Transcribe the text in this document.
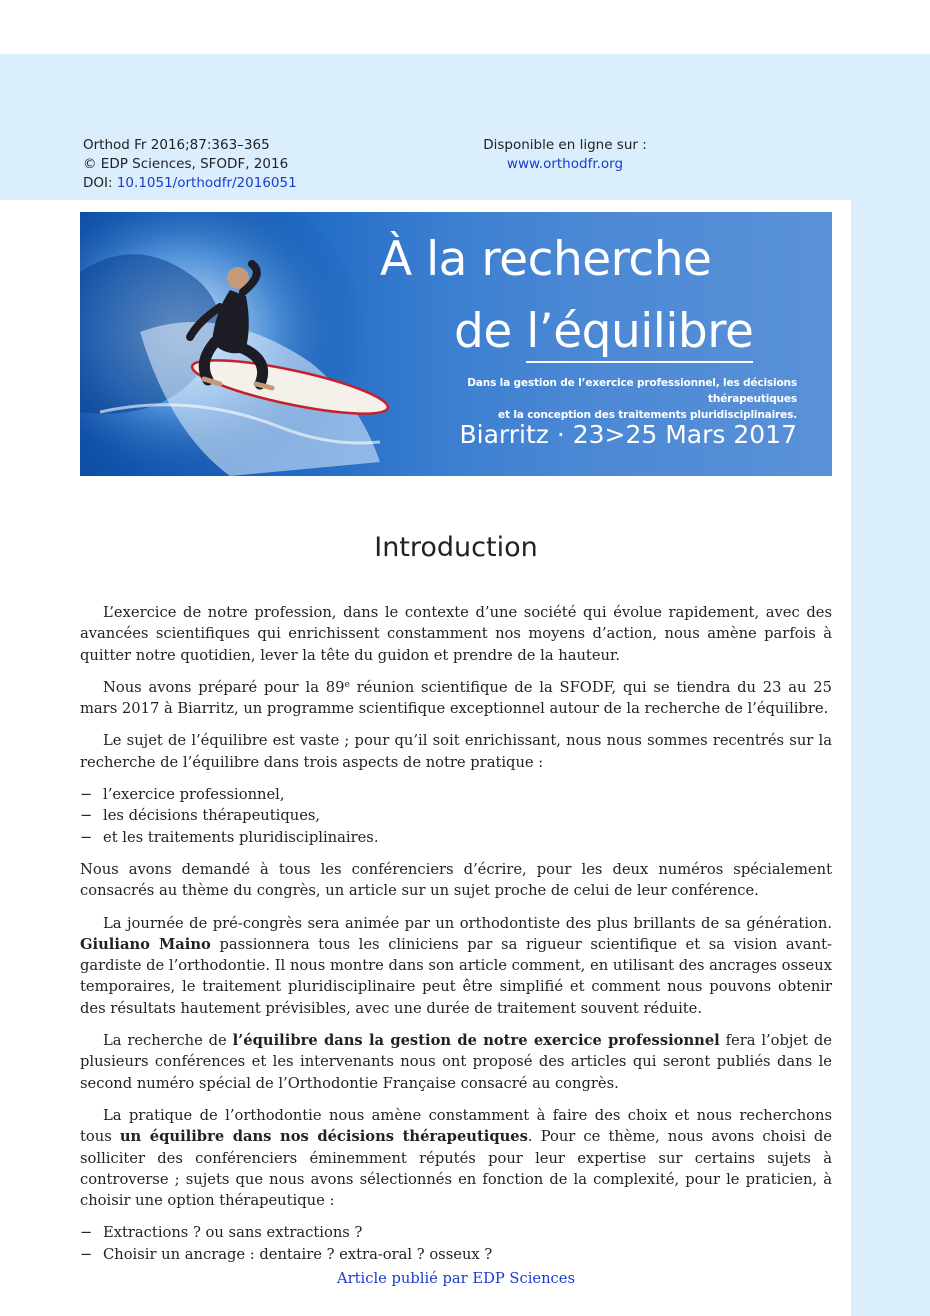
Orthod Fr 2016;87:363–365
© EDP Sciences, SFODF, 2016
DOI: 10.1051/orthodfr/2016051
Disponible en ligne sur :
www.orthodfr.org
À la recherche
de l’équilibre
Dans la gestion de l’exercice professionnel, les décisions thérapeutiques
et la conception des traitements pluridisciplinaires.
Biarritz · 23>25 Mars 2017
Introduction

L’exercice de notre profession, dans le contexte d’une société qui évolue rapidement, avec des avancées scientifiques qui enrichissent constamment nos moyens d’action, nous amène parfois à quitter notre quotidien, lever la tête du guidon et prendre de la hauteur.

Nous avons préparé pour la 89e réunion scientifique de la SFODF, qui se tiendra du 23 au 25 mars 2017 à Biarritz, un programme scientifique exceptionnel autour de la recherche de l’équilibre.

Le sujet de l’équilibre est vaste ; pour qu’il soit enrichissant, nous nous sommes recentrés sur la recherche de l’équilibre dans trois aspects de notre pratique :

− l’exercice professionnel,
− les décisions thérapeutiques,
− et les traitements pluridisciplinaires.

Nous avons demandé à tous les conférenciers d’écrire, pour les deux numéros spécialement consacrés au thème du congrès, un article sur un sujet proche de celui de leur conférence.

La journée de pré-congrès sera animée par un orthodontiste des plus brillants de sa génération. Giuliano Maino passionnera tous les cliniciens par sa rigueur scientifique et sa vision avant-gardiste de l’orthodontie. Il nous montre dans son article comment, en utilisant des ancrages osseux temporaires, le traitement pluridisciplinaire peut être simplifié et comment nous pouvons obtenir des résultats hautement prévisibles, avec une durée de traitement souvent réduite.

La recherche de l’équilibre dans la gestion de notre exercice professionnel fera l’objet de plusieurs conférences et les intervenants nous ont proposé des articles qui seront publiés dans le second numéro spécial de l’Orthodontie Française consacré au congrès.

La pratique de l’orthodontie nous amène constamment à faire des choix et nous recherchons tous un équilibre dans nos décisions thérapeutiques. Pour ce thème, nous avons choisi de solliciter des conférenciers éminemment réputés pour leur expertise sur certains sujets à controverse ; sujets que nous avons sélectionnés en fonction de la complexité, pour le praticien, à choisir une option thérapeutique :

− Extractions ? ou sans extractions ?
− Choisir un ancrage : dentaire ? extra-oral ? osseux ?
Article publié par EDP Sciences
